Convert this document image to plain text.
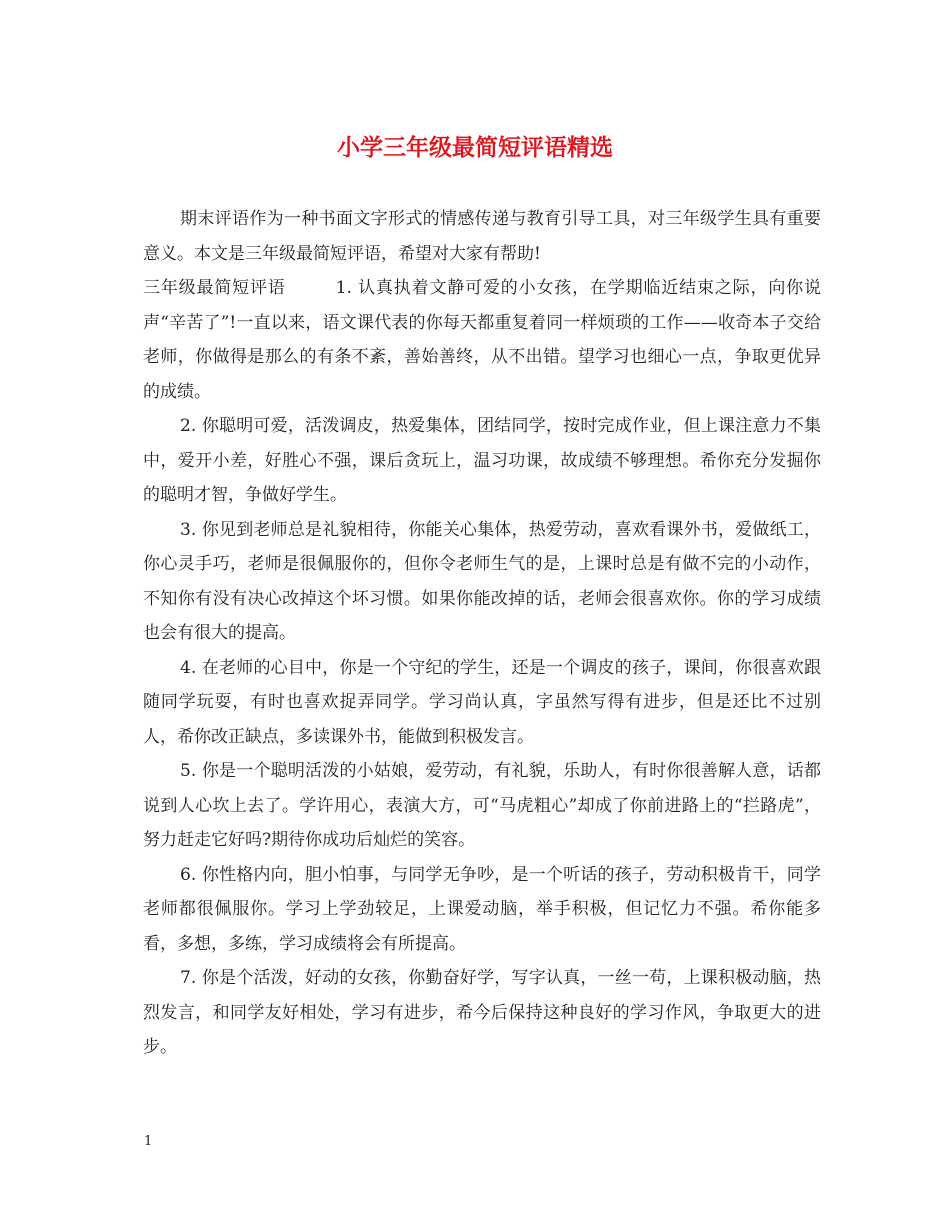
小学三年级最简短评语精选

期末评语作为一种书面文字形式的情感传递与教育引导工具，对三年级学生具有重要意义。本文是三年级最简短评语，希望对大家有帮助!

三年级最简短评语	1. 认真执着文静可爱的小女孩，在学期临近结束之际，向你说声“辛苦了”!一直以来，语文课代表的你每天都重复着同一样烦琐的工作——收奇本子交给老师，你做得是那么的有条不紊，善始善终，从不出错。望学习也细心一点，争取更优异的成绩。

2. 你聪明可爱，活泼调皮，热爱集体，团结同学，按时完成作业，但上课注意力不集中，爱开小差，好胜心不强，课后贪玩上，温习功课，故成绩不够理想。希你充分发掘你的聪明才智，争做好学生。

3. 你见到老师总是礼貌相待，你能关心集体，热爱劳动，喜欢看课外书，爱做纸工，你心灵手巧，老师是很佩服你的，但你令老师生气的是，上课时总是有做不完的小动作，不知你有没有决心改掉这个坏习惯。如果你能改掉的话，老师会很喜欢你。你的学习成绩也会有很大的提高。

4. 在老师的心目中，你是一个守纪的学生，还是一个调皮的孩子，课间，你很喜欢跟随同学玩耍，有时也喜欢捉弄同学。学习尚认真，字虽然写得有进步，但是还比不过别人，希你改正缺点，多读课外书，能做到积极发言。

5. 你是一个聪明活泼的小姑娘，爱劳动，有礼貌，乐助人，有时你很善解人意，话都说到人心坎上去了。学许用心，表演大方，可“马虎粗心”却成了你前进路上的“拦路虎”，努力赶走它好吗?期待你成功后灿烂的笑容。

6. 你性格内向，胆小怕事，与同学无争吵，是一个听话的孩子，劳动积极肯干，同学老师都很佩服你。学习上学劲较足，上课爱动脑，举手积极，但记忆力不强。希你能多看，多想，多练，学习成绩将会有所提高。

7. 你是个活泼，好动的女孩，你勤奋好学，写字认真，一丝一苟，上课积极动脑，热烈发言，和同学友好相处，学习有进步，希今后保持这种良好的学习作风，争取更大的进步。

1
